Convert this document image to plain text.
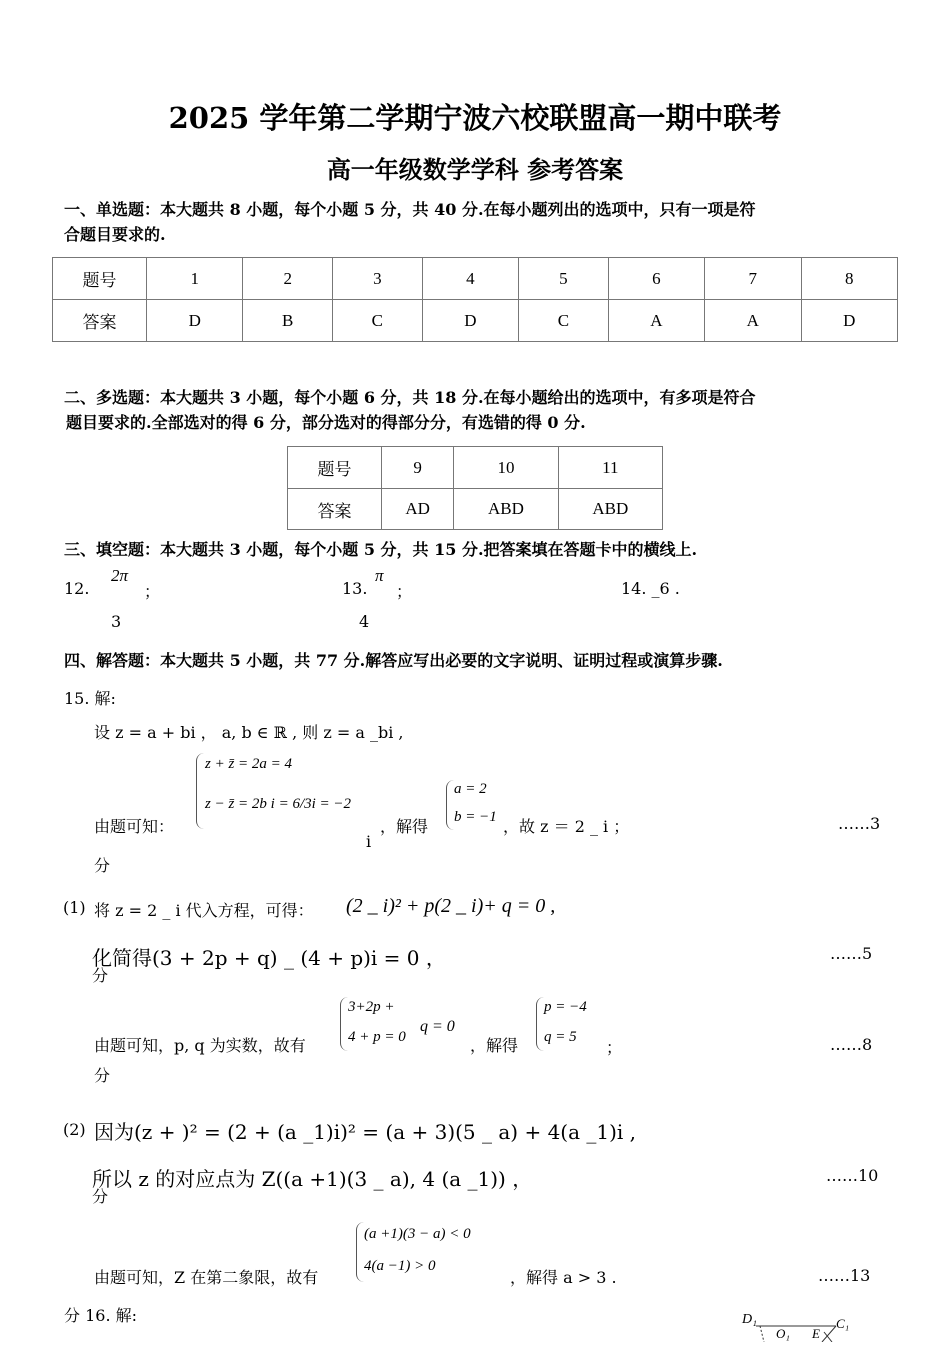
2025 学年第二学期宁波六校联盟高一期中联考
高一年级数学学科 参考答案
一、单选题：本大题共 8 小题，每个小题 5 分，共 40 分.在每小题列出的选项中，只有一项是符
合题目要求的.
题号	1	2	3	4	5	6	7	8
答案	D	B	C	D	C	A	A	D
二、多选题：本大题共 3 小题，每个小题 6 分，共 18 分.在每小题给出的选项中，有多项是符合
题目要求的.全部选对的得 6 分，部分选对的得部分分，有选错的得 0 分.
题号	9	10	11
答案	AD	ABD	ABD
三、填空题：本大题共 3 小题，每个小题 5 分，共 15 分.把答案填在答题卡中的横线上.
12.
2π
；
3
13.
π
；
4
14. _6 .
四、解答题：本大题共 5 小题，共 77 分.解答应写出必要的文字说明、证明过程或演算步骤.
15. 解:
设 z = a + bi ， a, b ∈ ℝ , 则 z = a _bi ,
z + z̄ = 2a = 4
z − z̄ = 2b i = 6/3i = −2
i
由题可知：	，解得
a = 2
b = −1 ，故 z ＝ 2 _ i ；	……3
分
(1) 将 z = 2 _ i 代入方程，可得： (2 _ i)² + p(2 _ i)+ q = 0 ,
化简得(3 + 2p + q) _ (4 + p)i = 0 ，
分
……5
由题可知，p, q 为实数，故有
3+2p +
4 + p = 0
q = 0
，解得
p = −4
q = 5
；	……8
分
(2) 因为(z + )² = (2 + (a _1)i)² = (a + 3)(5 _ a) + 4(a _1)i ,
所以 z 的对应点为 Z((a +1)(3 _ a), 4 (a _1)) ，
分
……10
由题可知，Z 在第二象限，故有
(a +1)(3 − a) < 0
4(a −1) > 0
，解得 a > 3 .	……13
分 16. 解:	D₁
O₁ E
C₁
